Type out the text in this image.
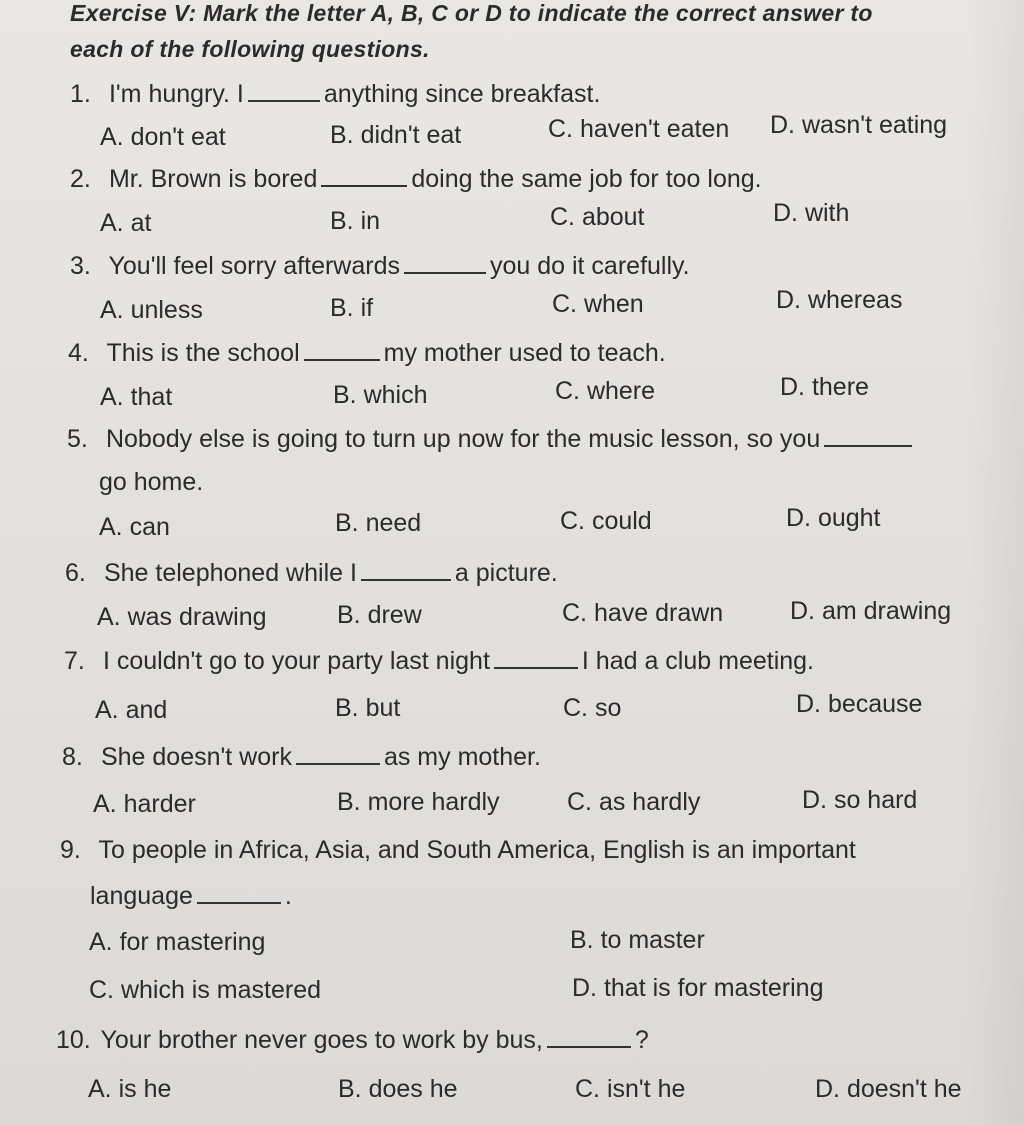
Exercise V: Mark the letter A, B, C or D to indicate the correct answer to
each of the following questions.
1. I'm hungry. I	anything since breakfast.
A. don't eat	B. didn't eat	C. haven't eaten D. wasn't eating
2. Mr. Brown is bored	doing the same job for too long.
A. at	B. in	C. about	D. with
3. You'll feel sorry afterwards	you do it carefully.
A. unless	B. if	C. when	D. whereas
4. This is the school	my mother used to teach.
A. that	B. which	C. where	D. there
5. Nobody else is going to turn up now for the music lesson, so you
go home.
A. can	B. need	C. could	D. ought
6. She telephoned while I	a picture.
A. was drawing	B. drew	C. have drawn	D. am drawing
7. I couldn't go to your party last night	I had a club meeting.
A. and	B. but	C. so	D. because
8. She doesn't work	as my mother.
A. harder	B. more hardly	C. as hardly	D. so hard
9. To people in Africa, Asia, and South America, English is an important
language	.
A. for mastering	B. to master
C. which is mastered	D. that is for mastering
10. Your brother never goes to work by bus,	?
A. is he	B. does he	C. isn't he	D. doesn't he
